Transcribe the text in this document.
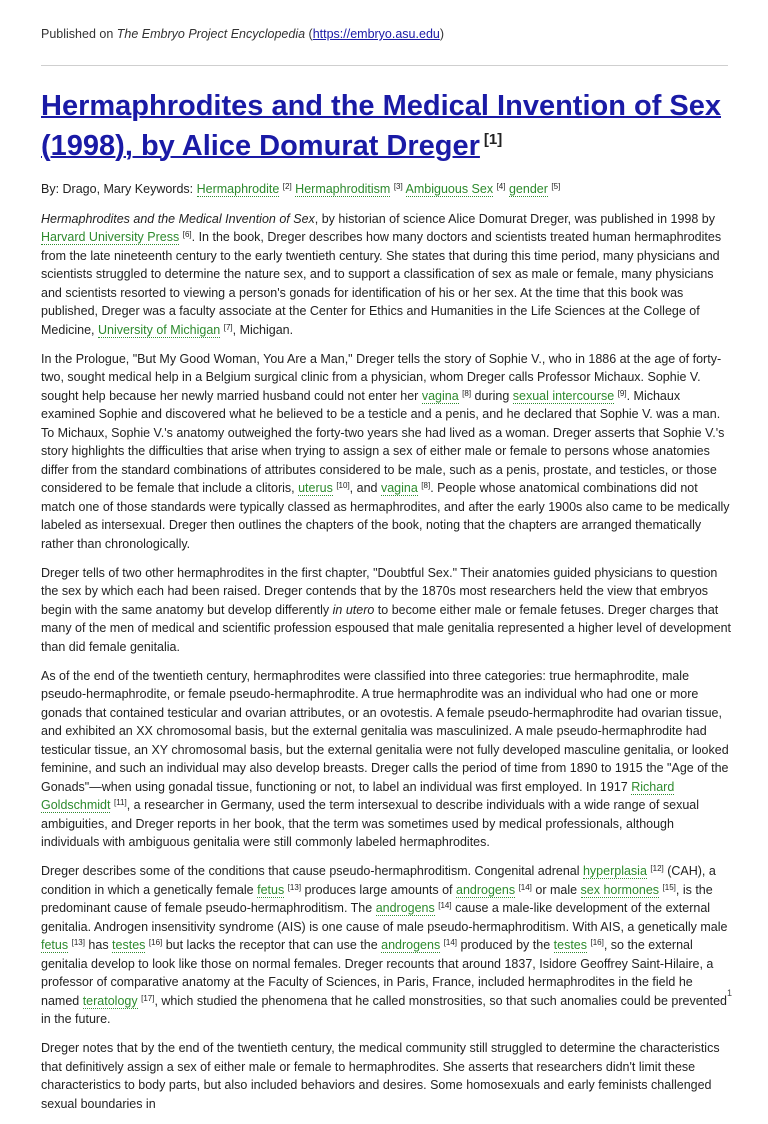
Published on The Embryo Project Encyclopedia (https://embryo.asu.edu)
Hermaphrodites and the Medical Invention of Sex (1998), by Alice Domurat Dreger [1]
By: Drago, Mary Keywords: Hermaphrodite [2] Hermaphroditism [3] Ambiguous Sex [4] gender [5]

Hermaphrodites and the Medical Invention of Sex, by historian of science Alice Domurat Dreger, was published in 1998 by Harvard University Press [6]. In the book, Dreger describes how many doctors and scientists treated human hermaphrodites from the late nineteenth century to the early twentieth century. She states that during this time period, many physicians and scientists struggled to determine the nature sex, and to support a classification of sex as male or female, many physicians and scientists resorted to viewing a person's gonads for identification of his or her sex. At the time that this book was published, Dreger was a faculty associate at the Center for Ethics and Humanities in the Life Sciences at the College of Medicine, University of Michigan [7], Michigan.

In the Prologue, "But My Good Woman, You Are a Man," Dreger tells the story of Sophie V., who in 1886 at the age of forty-two, sought medical help in a Belgium surgical clinic from a physician, whom Dreger calls Professor Michaux. Sophie V. sought help because her newly married husband could not enter her vagina [8] during sexual intercourse [9]. Michaux examined Sophie and discovered what he believed to be a testicle and a penis, and he declared that Sophie V. was a man. To Michaux, Sophie V.'s anatomy outweighed the forty-two years she had lived as a woman. Dreger asserts that Sophie V.'s story highlights the difficulties that arise when trying to assign a sex of either male or female to persons whose anatomies differ from the standard combinations of attributes considered to be male, such as a penis, prostate, and testicles, or those considered to be female that include a clitoris, uterus [10], and vagina [8]. People whose anatomical combinations did not match one of those standards were typically classed as hermaphrodites, and after the early 1900s also came to be medically labeled as intersexual. Dreger then outlines the chapters of the book, noting that the chapters are arranged thematically rather than chronologically.

Dreger tells of two other hermaphrodites in the first chapter, "Doubtful Sex." Their anatomies guided physicians to question the sex by which each had been raised. Dreger contends that by the 1870s most researchers held the view that embryos begin with the same anatomy but develop differently in utero to become either male or female fetuses. Dreger charges that many of the men of medical and scientific profession espoused that male genitalia represented a higher level of development than did female genitalia.

As of the end of the twentieth century, hermaphrodites were classified into three categories: true hermaphrodite, male pseudo-hermaphrodite, or female pseudo-hermaphrodite. A true hermaphrodite was an individual who had one or more gonads that contained testicular and ovarian attributes, or an ovotestis. A female pseudo-hermaphrodite had ovarian tissue, and exhibited an XX chromosomal basis, but the external genitalia was masculinized. A male pseudo-hermaphrodite had testicular tissue, an XY chromosomal basis, but the external genitalia were not fully developed masculine genitalia, or looked feminine, and such an individual may also develop breasts. Dreger calls the period of time from 1890 to 1915 the "Age of the Gonads"—when using gonadal tissue, functioning or not, to label an individual was first employed. In 1917 Richard Goldschmidt [11], a researcher in Germany, used the term intersexual to describe individuals with a wide range of sexual ambiguities, and Dreger reports in her book, that the term was sometimes used by medical professionals, although individuals with ambiguous genitalia were still commonly labeled hermaphrodites.

Dreger describes some of the conditions that cause pseudo-hermaphroditism. Congenital adrenal hyperplasia [12] (CAH), a condition in which a genetically female fetus [13] produces large amounts of androgens [14] or male sex hormones [15], is the predominant cause of female pseudo-hermaphroditism. The androgens [14] cause a male-like development of the external genitalia. Androgen insensitivity syndrome (AIS) is one cause of male pseudo-hermaphroditism. With AIS, a genetically male fetus [13] has testes [16] but lacks the receptor that can use the androgens [14] produced by the testes [16], so the external genitalia develop to look like those on normal females. Dreger recounts that around 1837, Isidore Geoffrey Saint-Hilaire, a professor of comparative anatomy at the Faculty of Sciences, in Paris, France, included hermaphrodites in the field he named teratology [17], which studied the phenomena that he called monstrosities, so that such anomalies could be prevented in the future.

Dreger notes that by the end of the twentieth century, the medical community still struggled to determine the characteristics that definitively assign a sex of either male or female to hermaphrodites. She asserts that researchers didn't limit these characteristics to body parts, but also included behaviors and desires. Some homosexuals and early feminists challenged sexual boundaries in

1
